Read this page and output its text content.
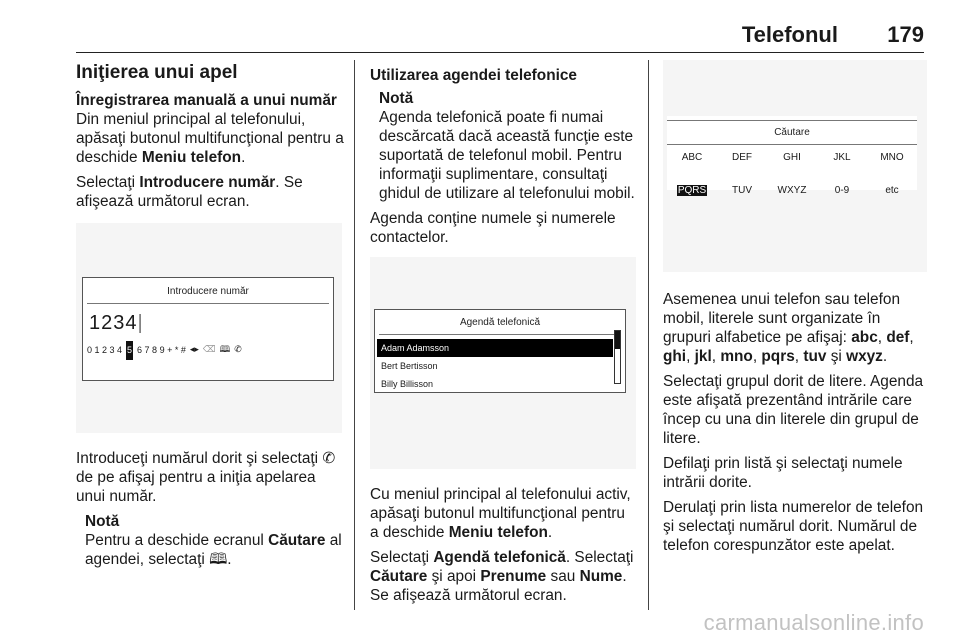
Telefonul 179
Iniţierea unui apel
Înregistrarea manuală a unui număr

Din meniul principal al telefonului, apăsaţi butonul multifuncţional pentru a deschide Meniu telefon.

Selectaţi Introducere număr. Se afişează următorul ecran.

Introducere număr
1234|
0 1 2 3 4 5 6 7 8 9 + * # ◂▸ ⌫ 🕮 ✆

Introduceţi numărul dorit şi selectaţi ✆ de pe afişaj pentru a iniţia apelarea unui număr.

Notă
Pentru a deschide ecranul Căutare al agendei, selectaţi 🕮.
Utilizarea agendei telefonice
Notă
Agenda telefonică poate fi numai descărcată dacă această funcţie este suportată de telefonul mobil. Pentru informaţii suplimentare, consultaţi ghidul de utilizare al telefonului mobil.

Agenda conţine numele şi numerele contactelor.

Agendă telefonică
Adam Adamsson
Bert Bertisson
Billy Billisson

Cu meniul principal al telefonului activ, apăsaţi butonul multifuncţional pentru a deschide Meniu telefon.

Selectaţi Agendă telefonică. Selectaţi Căutare şi apoi Prenume sau Nume. Se afişează următorul ecran.

Căutare
ABC	DEF	GHI	JKL	MNO
PQRS	TUV	WXYZ	0-9	etc

Asemenea unui telefon sau telefon mobil, literele sunt organizate în grupuri alfabetice pe afişaj: abc, def, ghi, jkl, mno, pqrs, tuv şi wxyz.

Selectaţi grupul dorit de litere. Agenda este afişată prezentând intrările care încep cu una din literele din grupul de litere.

Defilaţi prin listă şi selectaţi numele intrării dorite.

Derulaţi prin lista numerelor de telefon şi selectaţi numărul dorit. Numărul de telefon corespunzător este apelat.

carmanualsonline.info
